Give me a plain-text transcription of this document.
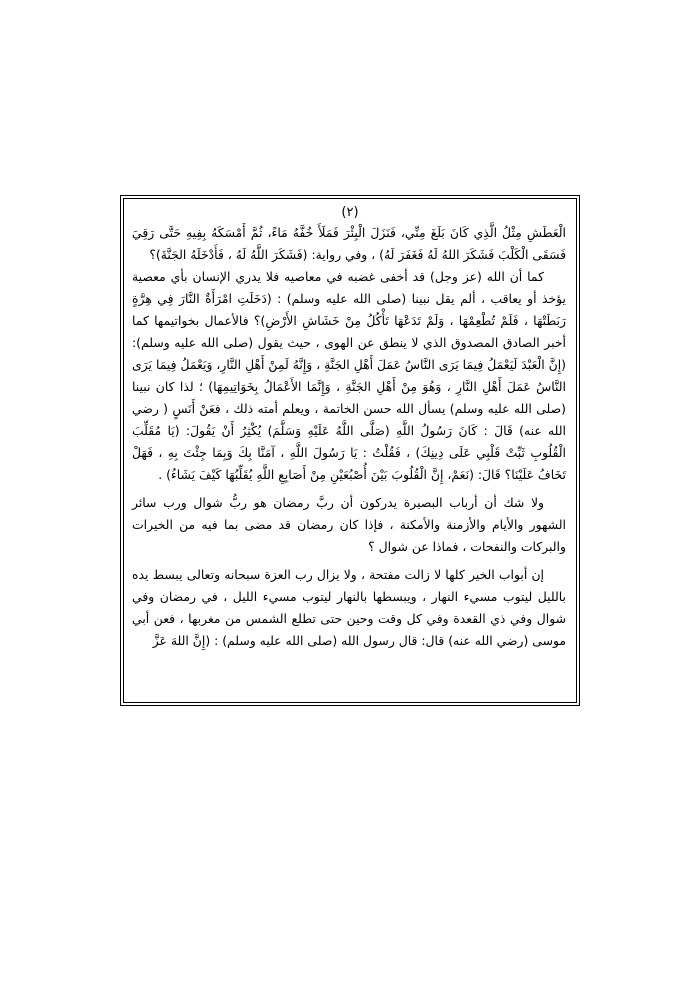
(٢)

الْعَطَشِ مِثْلُ الَّذِي كَانَ بَلَغَ مِنِّي، فَنَزَلَ الْبِئْرَ فَمَلَأَ خُفَّهُ مَاءً، ثُمَّ أَمْسَكَهُ بِفِيهِ حَتَّى رَقِيَ فَسَقَى الْكَلْبَ فَشَكَرَ اللهُ لَهُ فَغَفَرَ لَهُ) ، وفي رواية: (فَشَكَرَ اللَّهُ لَهُ ، فَأَدْخَلَهُ الجَنَّةَ)؟

كما أن الله (عز وجل) قد أخفى غضبه في معاصيه فلا يدري الإنسان بأي معصية يؤخذ أو يعاقب ، ألم يقل نبينا (صلى الله عليه وسلم) : (دَخَلَتِ امْرَأَةٌ النَّارَ فِي هِرَّةٍ رَبَطَتْهَا ، فَلَمْ تُطْعِمْهَا ، وَلَمْ تَدَعْهَا تَأْكُلُ مِنْ خَشَاشِ الأَرْضِ)؟ فالأعمال بخواتيمها كما أخبر الصادق المصدوق الذي لا ينطق عن الهوى ، حيث يقول (صلى الله عليه وسلم): (إِنَّ الْعَبْدَ لَيَعْمَلُ فِيمَا يَرَى النَّاسُ عَمَلَ أَهْلِ الجَنَّةِ ، وَإِنَّهُ لَمِنْ أَهْلِ النَّارِ، وَيَعْمَلُ فِيمَا يَرَى النَّاسُ عَمَلَ أَهْلِ النَّارِ ، وَهُوَ مِنْ أَهْلِ الجَنَّةِ ، وَإِنَّمَا الأَعْمَالُ بِخَوَاتِيمِهَا) ؛ لذا كان نبينا (صلى الله عليه وسلم) يسأل الله حسن الخاتمة ، ويعلم أمته ذلك ، فعَنْ أَنَسٍ ( رضي الله عنه) قَالَ : كَانَ رَسُولُ اللَّهِ (صَلَّى اللَّهُ عَلَيْهِ وَسَلَّمَ) يُكْثِرُ أَنْ يَقُولَ: (يَا مُقَلِّبَ الْقُلُوبِ ثَبِّتْ قَلْبِي عَلَى دِينِكَ) ، فَقُلْتُ : يَا رَسُولَ اللَّهِ ، آمَنَّا بِكَ وَبِمَا جِئْتَ بِهِ ، فَهَلْ تَخَافُ عَلَيْنَا؟ قَالَ: (نَعَمْ، إِنَّ الْقُلُوبَ بَيْنَ أُصْبُعَيْنِ مِنْ أَصَابِعِ اللَّهِ يُقَلِّبُهَا كَيْفَ يَشَاءُ) .

ولا شك أن أرباب البصيرة يدركون أن ربَّ رمضان هو ربُّ شوال ورب سائر الشهور والأيام والأزمنة والأمكنة ، فإذا كان رمضان قد مضى بما فيه من الخيرات والبركات والنفحات ، فماذا عن شوال ؟

إن أبواب الخير كلها لا زالت مفتحة ، ولا يزال رب العزة سبحانه وتعالى يبسط يده بالليل ليتوب مسيء النهار ، ويبسطها بالنهار ليتوب مسيء الليل ، في رمضان وفي شوال وفي ذي القعدة وفي كل وقت وحين حتى تطلع الشمس من مغربها ، فعن أبي موسى (رضي الله عنه) قال: قال رسول الله (صلى الله عليه وسلم) : (إِنَّ اللهَ عَزَّ
